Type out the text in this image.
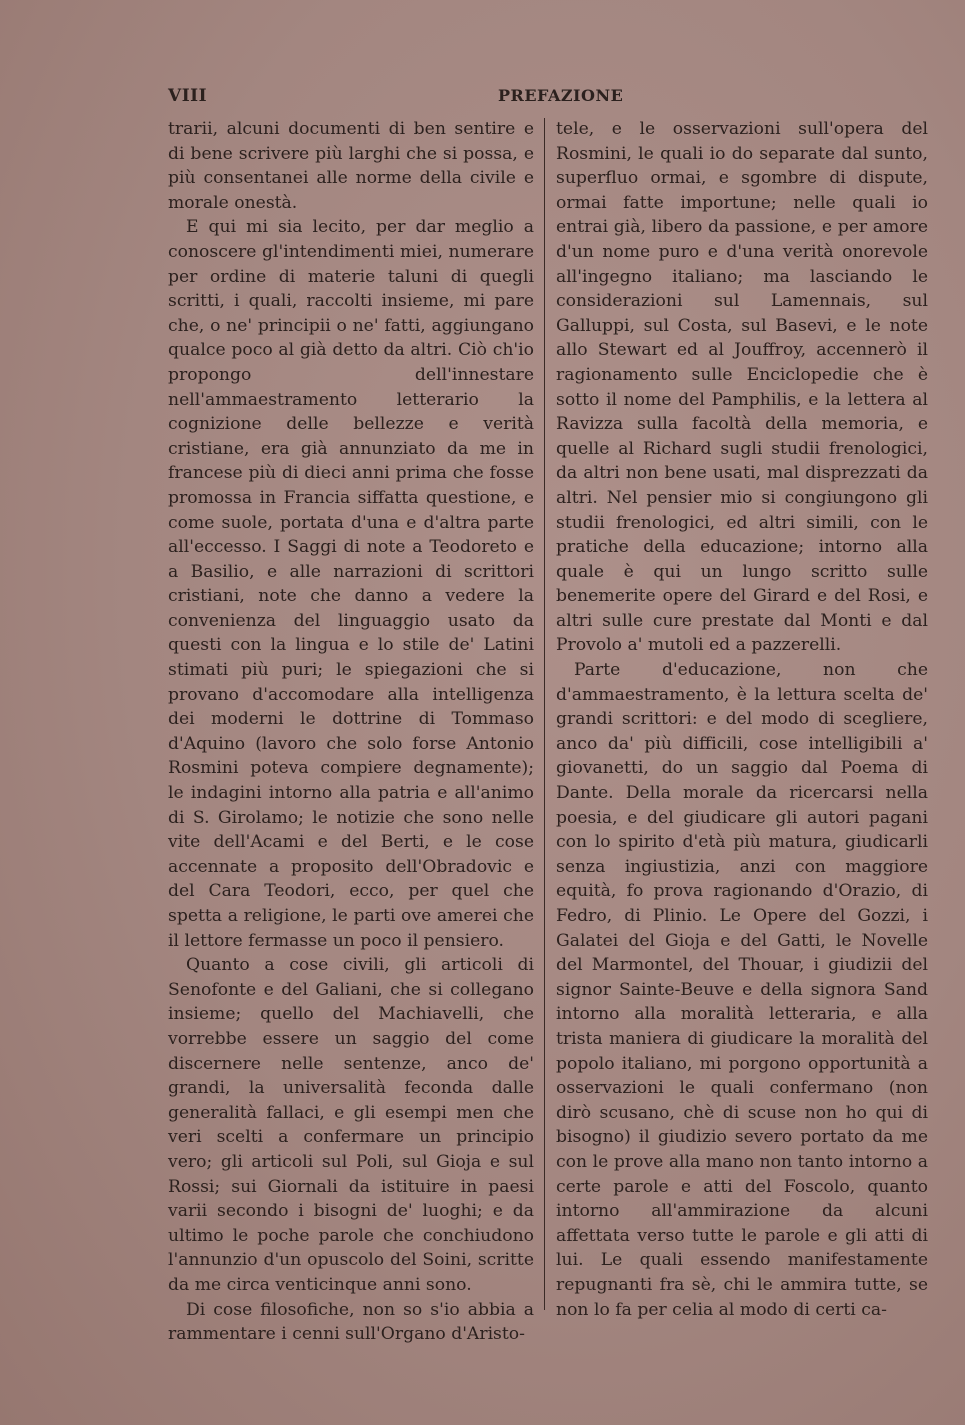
VIII	PREFAZIONE

trarii, alcuni documenti di ben sentire e di bene scrivere più larghi che si possa, e più consentanei alle norme della civile e morale onestà.

E qui mi sia lecito, per dar meglio a conoscere gl'intendimenti miei, numerare per ordine di materie taluni di quegli scritti, i quali, raccolti insieme, mi pare che, o ne' principii o ne' fatti, aggiungano qualce poco al già detto da altri. Ciò ch'io propongo dell'innestare nell'ammaestramento letterario la cognizione delle bellezze e verità cristiane, era già annunziato da me in francese più di dieci anni prima che fosse promossa in Francia siffatta questione, e come suole, portata d'una e d'altra parte all'eccesso. I Saggi di note a Teodoreto e a Basilio, e alle narrazioni di scrittori cristiani, note che danno a vedere la convenienza del linguaggio usato da questi con la lingua e lo stile de' Latini stimati più puri; le spiegazioni che si provano d'accomodare alla intelligenza dei moderni le dottrine di Tommaso d'Aquino (lavoro che solo forse Antonio Rosmini poteva compiere degnamente); le indagini intorno alla patria e all'animo di S. Girolamo; le notizie che sono nelle vite dell'Acami e del Berti, e le cose accennate a proposito dell'Obradovic e del Cara Teodori, ecco, per quel che spetta a religione, le parti ove amerei che il lettore fermasse un poco il pensiero.

Quanto a cose civili, gli articoli di Senofonte e del Galiani, che si collegano insieme; quello del Machiavelli, che vorrebbe essere un saggio del come discernere nelle sentenze, anco de' grandi, la universalità feconda dalle generalità fallaci, e gli esempi men che veri scelti a confermare un principio vero; gli articoli sul Poli, sul Gioja e sul Rossi; sui Giornali da istituire in paesi varii secondo i bisogni de' luoghi; e da ultimo le poche parole che conchiudono l'annunzio d'un opuscolo del Soini, scritte da me circa venticinque anni sono.

Di cose filosofiche, non so s'io abbia a rammentare i cenni sull'Organo d'Aristo-

tele, e le osservazioni sull'opera del Rosmini, le quali io do separate dal sunto, superfluo ormai, e sgombre di dispute, ormai fatte importune; nelle quali io entrai già, libero da passione, e per amore d'un nome puro e d'una verità onorevole all'ingegno italiano; ma lasciando le considerazioni sul Lamennais, sul Galluppi, sul Costa, sul Basevi, e le note allo Stewart ed al Jouffroy, accennerò il ragionamento sulle Enciclopedie che è sotto il nome del Pamphilis, e la lettera al Ravizza sulla facoltà della memoria, e quelle al Richard sugli studii frenologici, da altri non bene usati, mal disprezzati da altri. Nel pensier mio si congiungono gli studii frenologici, ed altri simili, con le pratiche della educazione; intorno alla quale è qui un lungo scritto sulle benemerite opere del Girard e del Rosi, e altri sulle cure prestate dal Monti e dal Provolo a' mutoli ed a pazzerelli.

Parte d'educazione, non che d'ammaestramento, è la lettura scelta de' grandi scrittori: e del modo di scegliere, anco da' più difficili, cose intelligibili a' giovanetti, do un saggio dal Poema di Dante. Della morale da ricercarsi nella poesia, e del giudicare gli autori pagani con lo spirito d'età più matura, giudicarli senza ingiustizia, anzi con maggiore equità, fo prova ragionando d'Orazio, di Fedro, di Plinio. Le Opere del Gozzi, i Galatei del Gioja e del Gatti, le Novelle del Marmontel, del Thouar, i giudizii del signor Sainte-Beuve e della signora Sand intorno alla moralità letteraria, e alla trista maniera di giudicare la moralità del popolo italiano, mi porgono opportunità a osservazioni le quali confermano (non dirò scusano, chè di scuse non ho qui di bisogno) il giudizio severo portato da me con le prove alla mano non tanto intorno a certe parole e atti del Foscolo, quanto intorno all'ammirazione da alcuni affettata verso tutte le parole e gli atti di lui. Le quali essendo manifestamente repugnanti fra sè, chi le ammira tutte, se non lo fa per celia al modo di certi ca-
